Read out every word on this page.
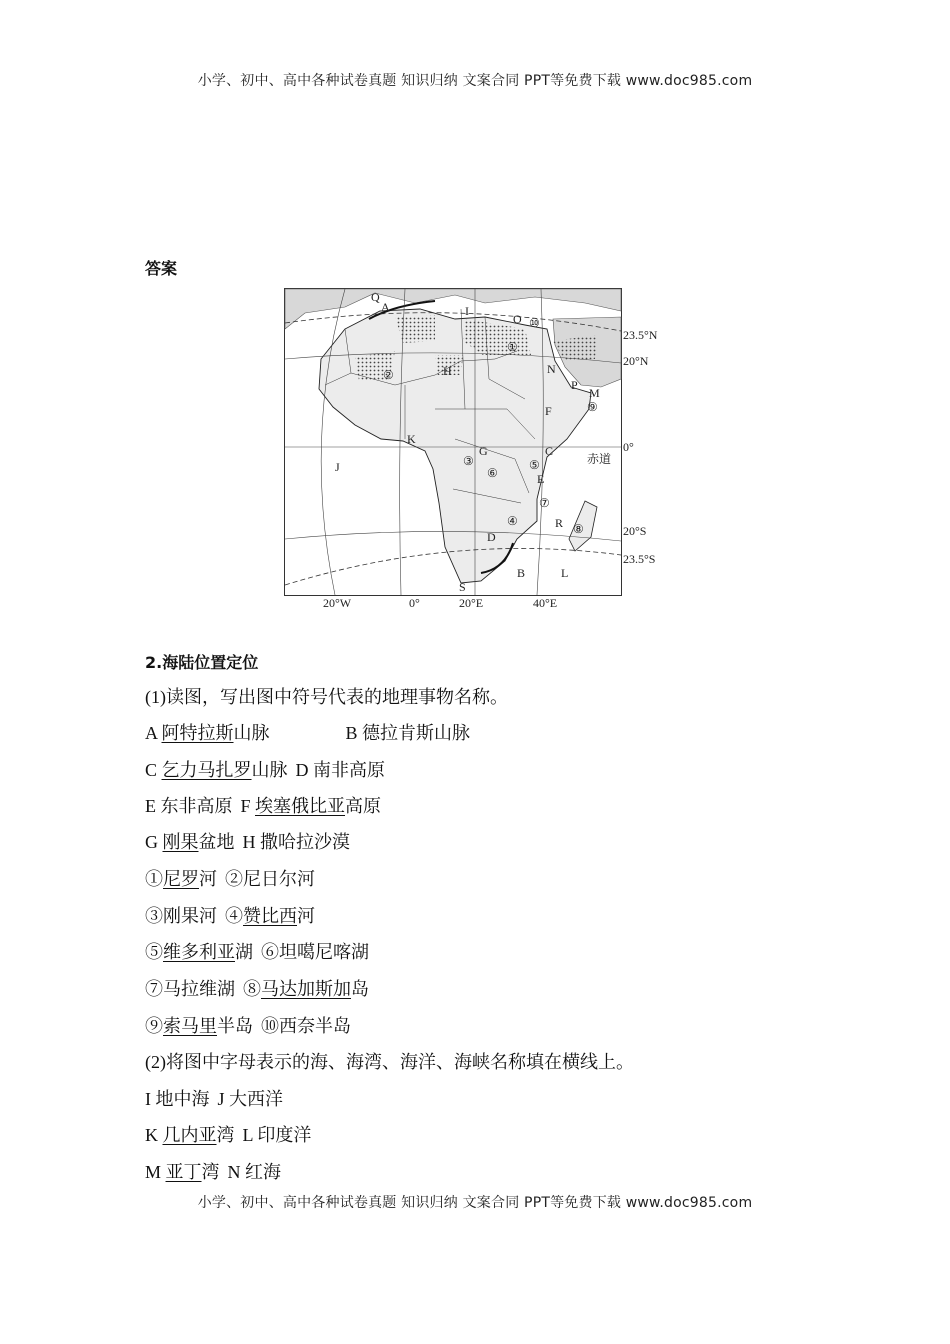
小学、初中、高中各种试卷真题 知识归纳 文案合同 PPT等免费下载 www.doc985.com
答案
Q
A	I
O ⑩
①
②	H	N
P
M
⑨
F
K
C
G
③
⑥
⑤
E
⑦
J
④	R ⑧
D
B	L
S
23.5°N
20°N
0°
赤道
20°S
23.5°S
20°W	0°	20°E	40°E
2.海陆位置定位
(1)读图，写出图中符号代表的地理事物名称。
A 阿特拉斯山脉	B 德拉肯斯山脉
C 乞力马扎罗山脉 D 南非高原
E 东非高原 F 埃塞俄比亚高原
G 刚果盆地 H 撒哈拉沙漠
①尼罗河 ②尼日尔河
③刚果河 ④赞比西河
⑤维多利亚湖 ⑥坦噶尼喀湖
⑦马拉维湖 ⑧马达加斯加岛
⑨索马里半岛 ⑩西奈半岛
(2)将图中字母表示的海、海湾、海洋、海峡名称填在横线上。
I 地中海 J 大西洋
K 几内亚湾 L 印度洋
M 亚丁湾 N 红海
小学、初中、高中各种试卷真题 知识归纳 文案合同 PPT等免费下载 www.doc985.com
